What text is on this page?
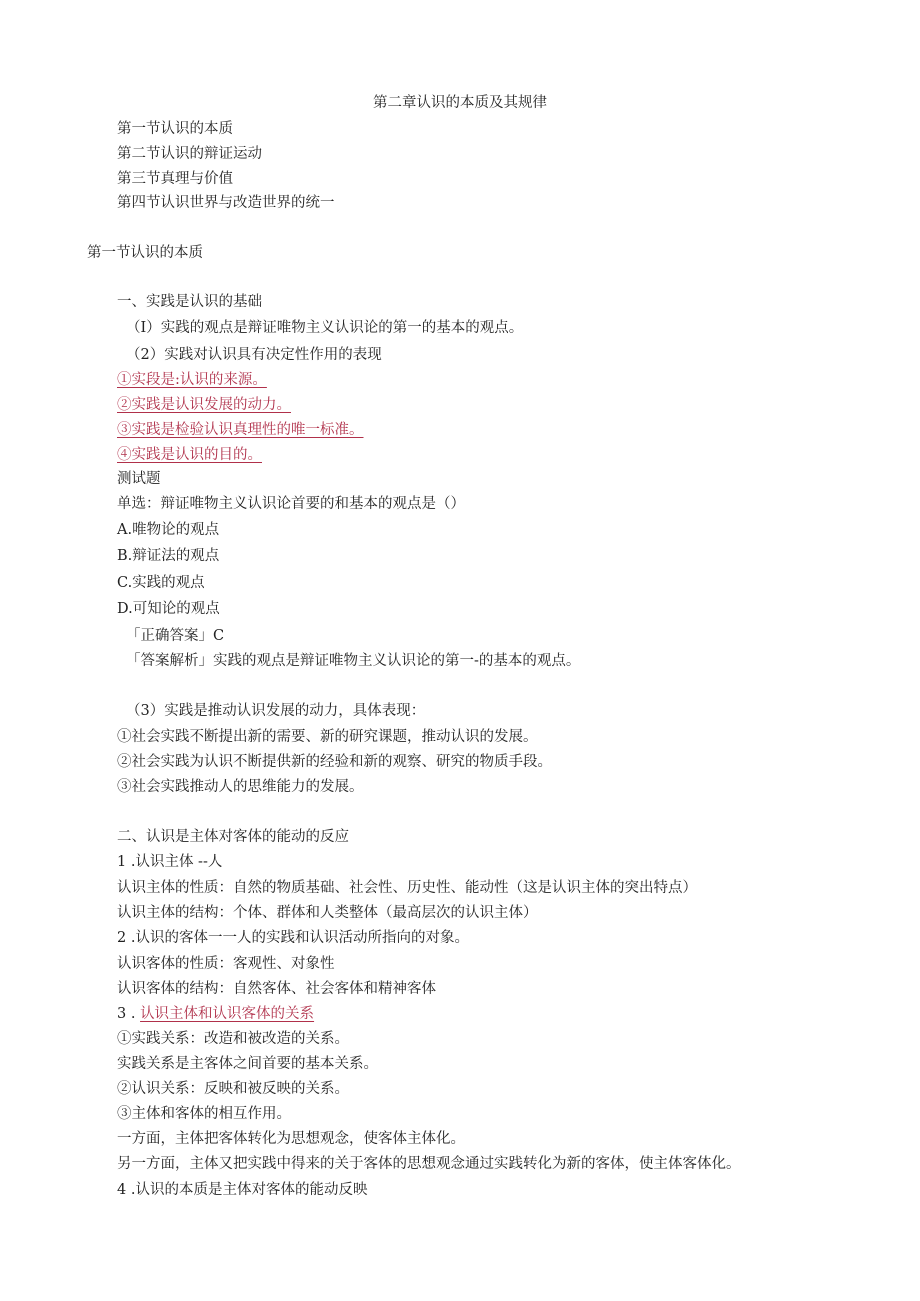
第二章认识的本质及其规律
第一节认识的本质
第二节认识的辩证运动
第三节真理与价值
第四节认识世界与改造世界的统一
第一节认识的本质
一、实践是认识的基础
（I）实践的观点是辩证唯物主义认识论的第一的基本的观点。
（2）实践对认识具有决定性作用的表现
①实段是:认识的来源。
②实践是认识发展的动力。
③实践是检验认识真理性的唯一标准。
④实践是认识的目的。
测试题
单选：辩证唯物主义认识论首要的和基本的观点是（）
A.唯物论的观点
B.辩证法的观点
C.实践的观点
D.可知论的观点
「正确答案」C
「答案解析」实践的观点是辩证唯物主义认识论的第一-的基本的观点。
（3）实践是推动认识发展的动力，具体表现：
①社会实践不断提出新的需要、新的研究课题，推动认识的发展。
②社会实践为认识不断提供新的经验和新的观察、研究的物质手段。
③社会实践推动人的思维能力的发展。
二、认识是主体对客体的能动的反应
1 .认识主体 --人
认识主体的性质：自然的物质基础、社会性、历史性、能动性（这是认识主体的突出特点）
认识主体的结构：个体、群体和人类整体（最高层次的认识主体）
2 .认识的客体一一人的实践和认识活动所指向的对象。
认识客体的性质：客观性、对象性
认识客体的结构：自然客体、社会客体和精神客体
3 . 认识主体和认识客体的关系
①实践关系：改造和被改造的关系。
实践关系是主客体之间首要的基本关系。
②认识关系：反映和被反映的关系。
③主体和客体的相互作用。
一方面，主体把客体转化为思想观念，使客体主体化。
另一方面，主体又把实践中得来的关于客体的思想观念通过实践转化为新的客体，使主体客体化。
4 .认识的本质是主体对客体的能动反映
